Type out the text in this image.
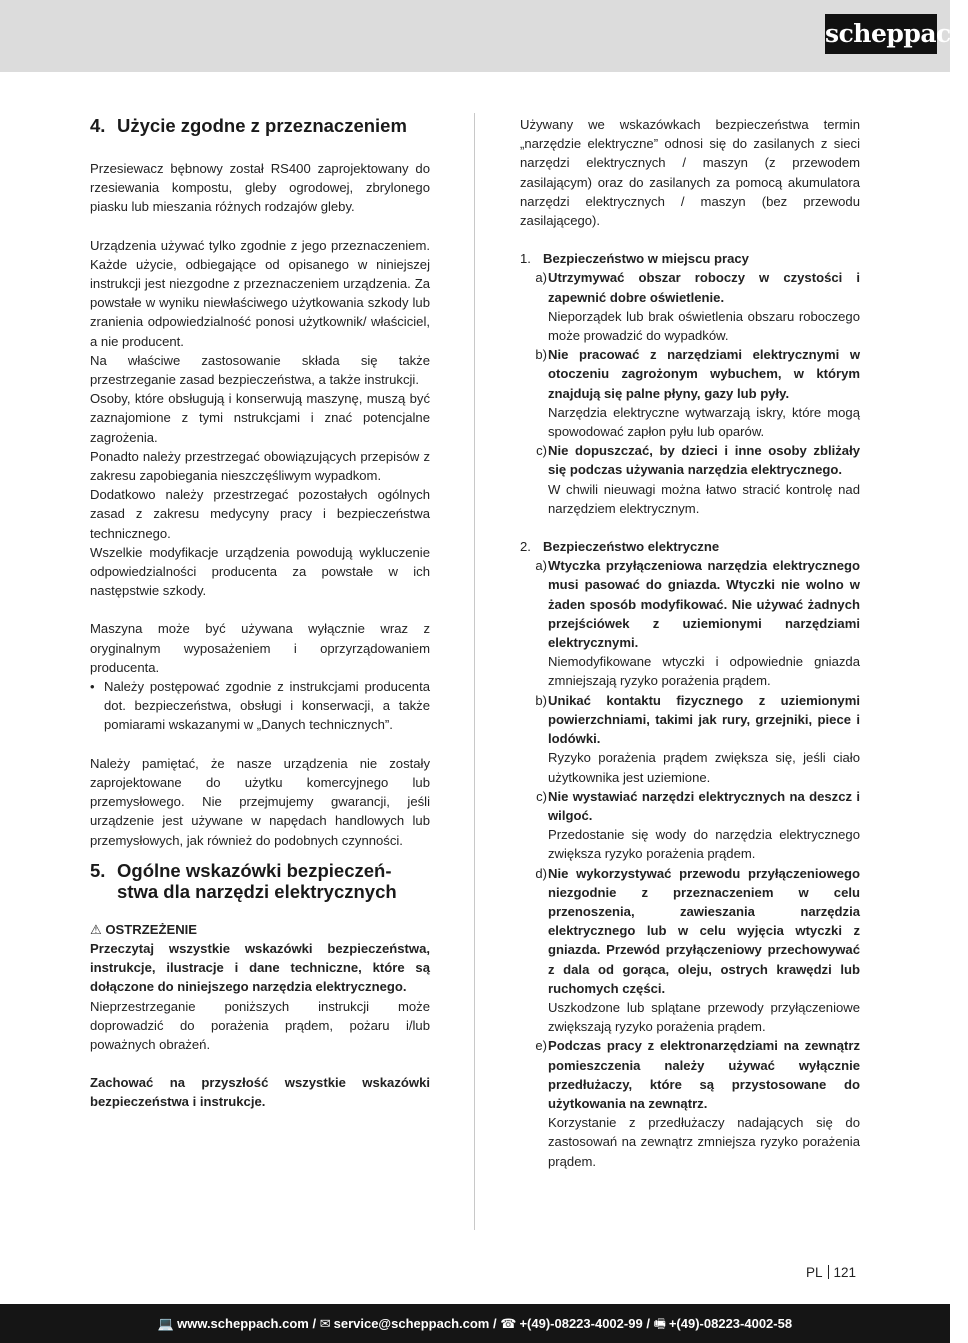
scheppach
4. Użycie zgodne z przeznaczeniem

Przesiewacz bębnowy został RS400 zaprojektowany do rzesiewania kompostu, gleby ogrodowej, zbrylonego piasku lub mieszania różnych rodzajów gleby.

Urządzenia używać tylko zgodnie z jego przeznaczeniem. Każde użycie, odbiegające od opisanego w niniejszej instrukcji jest niezgodne z przeznaczeniem urządzenia. Za powstałe w wyniku niewłaściwego użytkowania szkody lub zranienia odpowiedzialność ponosi użytkownik/ właściciel, a nie producent.

Na właściwe zastosowanie składa się także przestrzeganie zasad bezpieczeństwa, a także instrukcji.

Osoby, które obsługują i konserwują maszynę, muszą być zaznajomione z tymi nstrukcjami i znać potencjalne zagrożenia.

Ponadto należy przestrzegać obowiązujących przepisów z zakresu zapobiegania nieszczęśliwym wypadkom.

Dodatkowo należy przestrzegać pozostałych ogólnych zasad z zakresu medycyny pracy i bezpieczeństwa technicznego.

Wszelkie modyfikacje urządzenia powodują wykluczenie odpowiedzialności producenta za powstałe w ich następstwie szkody.

Maszyna może być używana wyłącznie wraz z oryginalnym wyposażeniem i oprzyrządowaniem producenta.

• Należy postępować zgodnie z instrukcjami producenta dot. bezpieczeństwa, obsługi i konserwacji, a także pomiarami wskazanymi w „Danych technicznych”.

Należy pamiętać, że nasze urządzenia nie zostały zaprojektowane do użytku komercyjnego lub przemysłowego. Nie przejmujemy gwarancji, jeśli urządzenie jest używane w napędach handlowych lub przemysłowych, jak również do podobnych czynności.

5. Ogólne wskazówki bezpieczeń-
stwa dla narzędzi elektrycznych
⚠ OSTRZEŻENIE

Przeczytaj wszystkie wskazówki bezpieczeństwa, instrukcje, ilustracje i dane techniczne, które są dołączone do niniejszego narzędzia elektrycznego.

Nieprzestrzeganie poniższych instrukcji może doprowadzić do porażenia prądem, pożaru i/lub poważnych obrażeń.

Zachować na przyszłość wszystkie wskazówki bezpieczeństwa i instrukcje.

Używany we wskazówkach bezpieczeństwa termin „narzędzie elektryczne” odnosi się do zasilanych z sieci narzędzi elektrycznych / maszyn (z przewodem zasilającym) oraz do zasilanych za pomocą akumulatora narzędzi elektrycznych / maszyn (bez przewodu zasilającego).

1. Bezpieczeństwo w miejscu pracy
a) Utrzymywać obszar roboczy w czystości i zapewnić dobre oświetlenie.

Nieporządek lub brak oświetlenia obszaru roboczego może prowadzić do wypadków.

b) Nie pracować z narzędziami elektrycznymi w otoczeniu zagrożonym wybuchem, w którym znajdują się palne płyny, gazy lub pyły.

Narzędzia elektryczne wytwarzają iskry, które mogą spowodować zapłon pyłu lub oparów.

c) Nie dopuszczać, by dzieci i inne osoby zbliżały się podczas używania narzędzia elektrycznego.

W chwili nieuwagi można łatwo stracić kontrolę nad narzędziem elektrycznym.

2. Bezpieczeństwo elektryczne
a) Wtyczka przyłączeniowa narzędzia elektrycznego musi pasować do gniazda. Wtyczki nie wolno w żaden sposób modyfikować. Nie używać żadnych przejściówek z uziemionymi narzędziami elektrycznymi.

Niemodyfikowane wtyczki i odpowiednie gniazda zmniejszają ryzyko porażenia prądem.

b) Unikać kontaktu fizycznego z uziemionymi powierzchniami, takimi jak rury, grzejniki, piece i lodówki.

Ryzyko porażenia prądem zwiększa się, jeśli ciało użytkownika jest uziemione.

c) Nie wystawiać narzędzi elektrycznych na deszcz i wilgoć.

Przedostanie się wody do narzędzia elektrycznego zwiększa ryzyko porażenia prądem.

d) Nie wykorzystywać przewodu przyłączeniowego niezgodnie z przeznaczeniem w celu przenoszenia, zawieszania narzędzia elektrycznego lub w celu wyjęcia wtyczki z gniazda. Przewód przyłączeniowy przechowywać z dala od gorąca, oleju, ostrych krawędzi lub ruchomych części.

Uszkodzone lub splątane przewody przyłączeniowe zwiększają ryzyko porażenia prądem.

e) Podczas pracy z elektronarzędziami na zewnątrz pomieszczenia należy używać wyłącznie przedłużaczy, które są przystosowane do użytkowania na zewnątrz.

Korzystanie z przedłużaczy nadających się do zastosowań na zewnątrz zmniejsza ryzyko porażenia prądem.

PL 121
💻 www.scheppach.com / ✉ service@scheppach.com / ☎ +(49)-08223-4002-99 / 🖷 +(49)-08223-4002-58
